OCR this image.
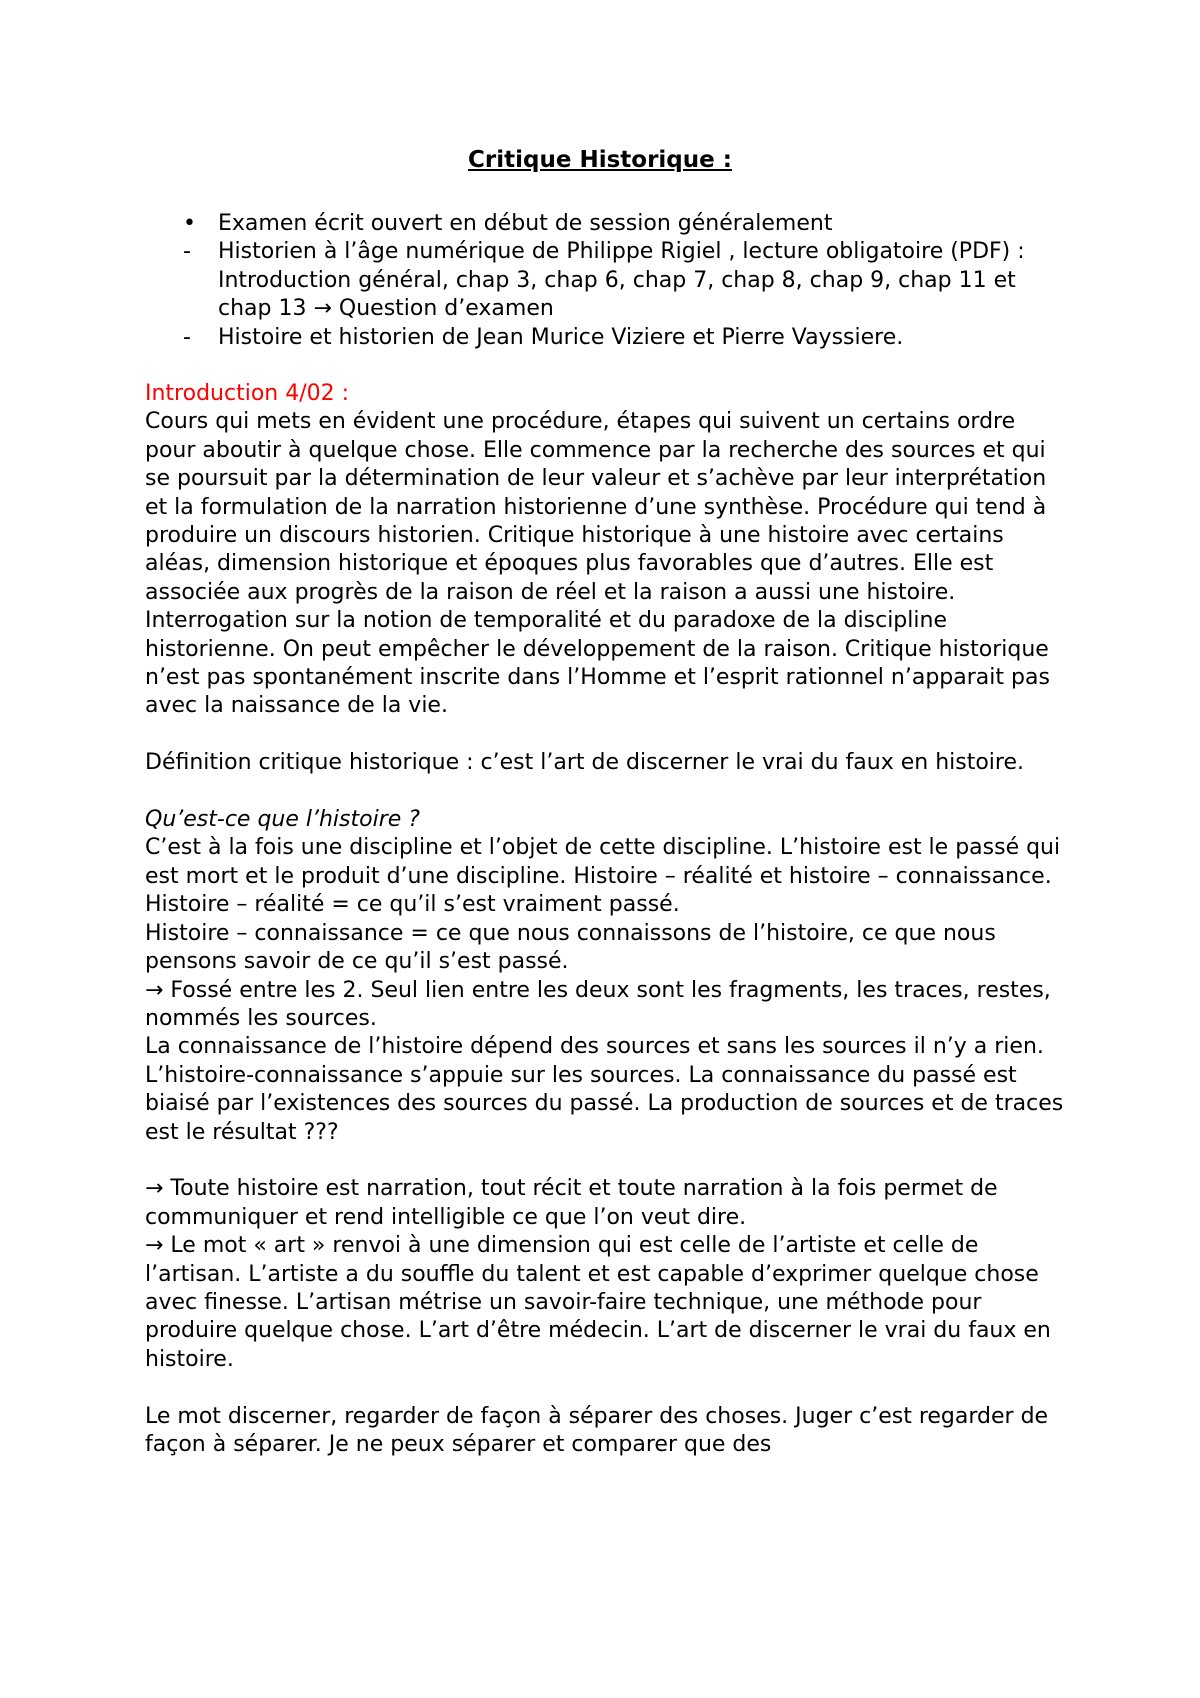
Critique Historique :
• Examen écrit ouvert en début de session généralement
- Historien à l’âge numérique de Philippe Rigiel , lecture obligatoire (PDF) : Introduction général, chap 3, chap 6, chap 7, chap 8, chap 9, chap 11 et chap 13 → Question d’examen
- Histoire et historien de Jean Murice Viziere et Pierre Vayssiere.

Introduction 4/02 :

Cours qui mets en évident une procédure, étapes qui suivent un certains ordre pour aboutir à quelque chose. Elle commence par la recherche des sources et qui se poursuit par la détermination de leur valeur et s’achève par leur interprétation et la formulation de la narration historienne d’une synthèse. Procédure qui tend à produire un discours historien. Critique historique à une histoire avec certains aléas, dimension historique et époques plus favorables que d’autres. Elle est associée aux progrès de la raison de réel et la raison a aussi une histoire. Interrogation sur la notion de temporalité et du paradoxe de la discipline historienne. On peut empêcher le développement de la raison. Critique historique n’est pas spontanément inscrite dans l’Homme et l’esprit rationnel n’apparait pas avec la naissance de la vie.

Définition critique historique : c’est l’art de discerner le vrai du faux en histoire.

Qu’est-ce que l’histoire ?

C’est à la fois une discipline et l’objet de cette discipline. L’histoire est le passé qui est mort et le produit d’une discipline. Histoire – réalité et histoire – connaissance.
Histoire – réalité = ce qu’il s’est vraiment passé.
Histoire – connaissance = ce que nous connaissons de l’histoire, ce que nous pensons savoir de ce qu’il s’est passé.
→ Fossé entre les 2. Seul lien entre les deux sont les fragments, les traces, restes, nommés les sources.
La connaissance de l’histoire dépend des sources et sans les sources il n’y a rien. L’histoire-connaissance s’appuie sur les sources. La connaissance du passé est biaisé par l’existences des sources du passé. La production de sources et de traces est le résultat ???

→ Toute histoire est narration, tout récit et toute narration à la fois permet de communiquer et rend intelligible ce que l’on veut dire.
→ Le mot « art » renvoi à une dimension qui est celle de l’artiste et celle de l’artisan. L’artiste a du souffle du talent et est capable d’exprimer quelque chose avec finesse. L’artisan métrise un savoir-faire technique, une méthode pour produire quelque chose. L’art d’être médecin. L’art de discerner le vrai du faux en histoire.

Le mot discerner, regarder de façon à séparer des choses. Juger c’est regarder de façon à séparer. Je ne peux séparer et comparer que des
